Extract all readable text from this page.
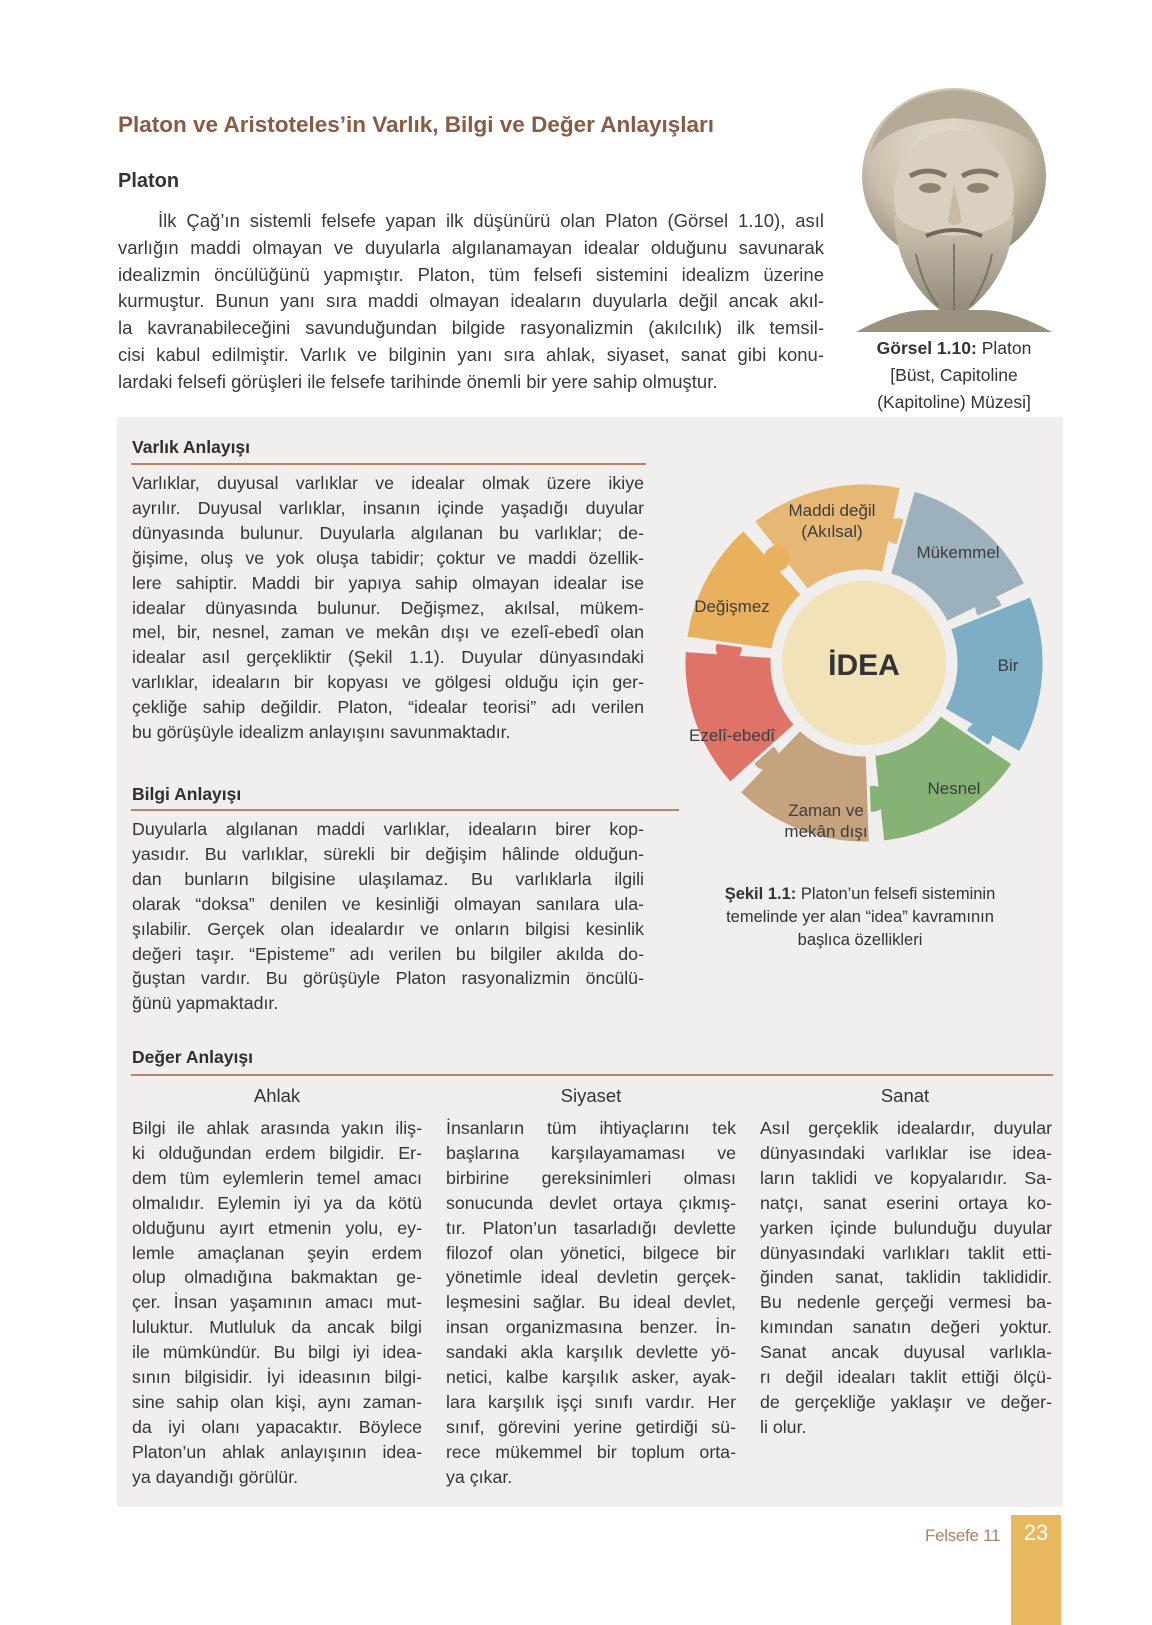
Platon ve Aristoteles’in Varlık, Bilgi ve Değer Anlayışları
Platon
İlk Çağ’ın sistemli felsefe yapan ilk düşünürü olan Platon (Görsel 1.10), asıl
varlığın maddi olmayan ve duyularla algılanamayan idealar olduğunu savunarak
idealizmin öncülüğünü yapmıştır. Platon, tüm felsefi sistemini idealizm üzerine
kurmuştur. Bunun yanı sıra maddi olmayan ideaların duyularla değil ancak akıl-
la kavranabileceğini savunduğundan bilgide rasyonalizmin (akılcılık) ilk temsil-
cisi kabul edilmiştir. Varlık ve bilginin yanı sıra ahlak, siyaset, sanat gibi konu-
lardaki felsefi görüşleri ile felsefe tarihinde önemli bir yere sahip olmuştur.
Görsel 1.10: Platon
[Büst, Capitoline
(Kapitoline) Müzesi]
Varlık Anlayışı
Varlıklar, duyusal varlıklar ve idealar olmak üzere ikiye
ayrılır. Duyusal varlıklar, insanın içinde yaşadığı duyular
dünyasında bulunur. Duyularla algılanan bu varlıklar; de-
ğişime, oluş ve yok oluşa tabidir; çoktur ve maddi özellik-
lere sahiptir. Maddi bir yapıya sahip olmayan idealar ise
idealar dünyasında bulunur. Değişmez, akılsal, mükem-
mel, bir, nesnel, zaman ve mekân dışı ve ezelî-ebedî olan
idealar asıl gerçekliktir (Şekil 1.1). Duyular dünyasındaki
varlıklar, ideaların bir kopyası ve gölgesi olduğu için ger-
çekliğe sahip değildir. Platon, “idealar teorisi” adı verilen
bu görüşüyle idealizm anlayışını savunmaktadır.
Bilgi Anlayışı
Duyularla algılanan maddi varlıklar, ideaların birer kop-
yasıdır. Bu varlıklar, sürekli bir değişim hâlinde olduğun-
dan bunların bilgisine ulaşılamaz. Bu varlıklarla ilgili
olarak “doksa” denilen ve kesinliği olmayan sanılara ula-
şılabilir. Gerçek olan idealardır ve onların bilgisi kesinlik
değeri taşır. “Episteme” adı verilen bu bilgiler akılda do-
ğuştan vardır. Bu görüşüyle Platon rasyonalizmin öncülü-
ğünü yapmaktadır.
İDEA
Maddi değil
(Akılsal)
Mükemmel
Bir
Nesnel
Zaman ve
mekân dışı
Ezelî-ebedî
Değişmez
Şekil 1.1: Platon’un felsefi sisteminin
temelinde yer alan “idea” kavramının
başlıca özellikleri
Değer Anlayışı
Ahlak	Siyaset	Sanat
Bilgi ile ahlak arasında yakın iliş-
ki olduğundan erdem bilgidir. Er-
dem tüm eylemlerin temel amacı
olmalıdır. Eylemin iyi ya da kötü
olduğunu ayırt etmenin yolu, ey-
lemle amaçlanan şeyin erdem
olup olmadığına bakmaktan ge-
çer. İnsan yaşamının amacı mut-
luluktur. Mutluluk da ancak bilgi
ile mümkündür. Bu bilgi iyi idea-
sının bilgisidir. İyi ideasının bilgi-
sine sahip olan kişi, aynı zaman-
da iyi olanı yapacaktır. Böylece
Platon’un ahlak anlayışının idea-
ya dayandığı görülür.
İnsanların tüm ihtiyaçlarını tek
başlarına karşılayamaması ve
birbirine gereksinimleri olması
sonucunda devlet ortaya çıkmış-
tır. Platon’un tasarladığı devlette
filozof olan yönetici, bilgece bir
yönetimle ideal devletin gerçek-
leşmesini sağlar. Bu ideal devlet,
insan organizmasına benzer. İn-
sandaki akla karşılık devlette yö-
netici, kalbe karşılık asker, ayak-
lara karşılık işçi sınıfı vardır. Her
sınıf, görevini yerine getirdiği sü-
rece mükemmel bir toplum orta-
ya çıkar.
Asıl gerçeklik idealardır, duyular
dünyasındaki varlıklar ise idea-
ların taklidi ve kopyalarıdır. Sa-
natçı, sanat eserini ortaya ko-
yarken içinde bulunduğu duyular
dünyasındaki varlıkları taklit etti-
ğinden sanat, taklidin taklididir.
Bu nedenle gerçeği vermesi ba-
kımından sanatın değeri yoktur.
Sanat ancak duyusal varlıkla-
rı değil ideaları taklit ettiği ölçü-
de gerçekliğe yaklaşır ve değer-
li olur.
Felsefe 11	23
